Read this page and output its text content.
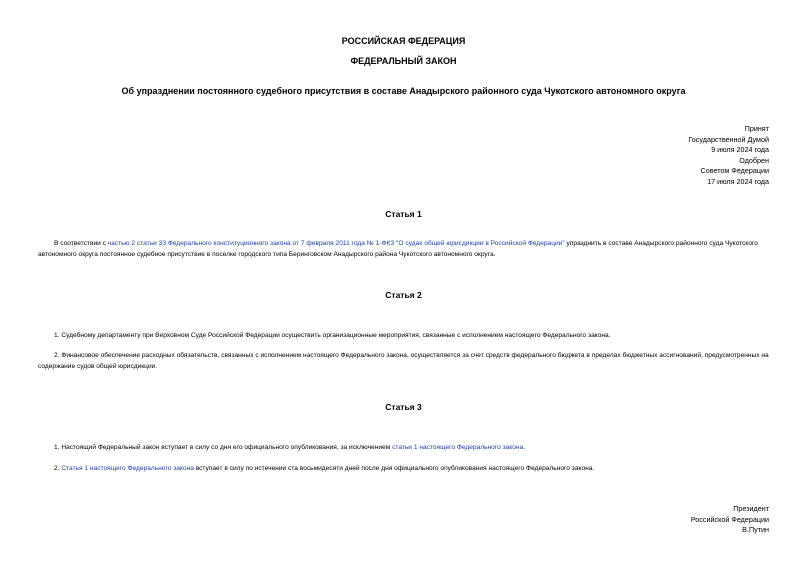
РОССИЙСКАЯ ФЕДЕРАЦИЯ
ФЕДЕРАЛЬНЫЙ ЗАКОН
Об упразднении постоянного судебного присутствия в составе Анадырского районного суда Чукотского автономного округа
Принят
Государственной Думой
9 июля 2024 года
Одобрен
Советом Федерации
17 июля 2024 года
Статья 1
В соответствии с частью 2 статьи 33 Федерального конституционного закона от 7 февраля 2011 года № 1-ФКЗ "О судах общей юрисдикции в Российской Федерации" упразднить в составе Анадырского районного суда Чукотского автономного округа постоянное судебное присутствие в поселке городского типа Беринговском Анадырского района Чукотского автономного округа.
Статья 2
1. Судебному департаменту при Верховном Суде Российской Федерации осуществить организационные мероприятия, связанные с исполнением настоящего Федерального закона.
2. Финансовое обеспечение расходных обязательств, связанных с исполнением настоящего Федерального закона, осуществляется за счет средств федерального бюджета в пределах бюджетных ассигнований, предусмотренных на содержание судов общей юрисдикции.
Статья 3
1. Настоящий Федеральный закон вступает в силу со дня его официального опубликования, за исключением статьи 1 настоящего Федерального закона.
2. Статья 1 настоящего Федерального закона вступает в силу по истечении ста восьмидесяти дней после дня официального опубликования настоящего Федерального закона.
Президент
Российской Федерации
В.Путин
